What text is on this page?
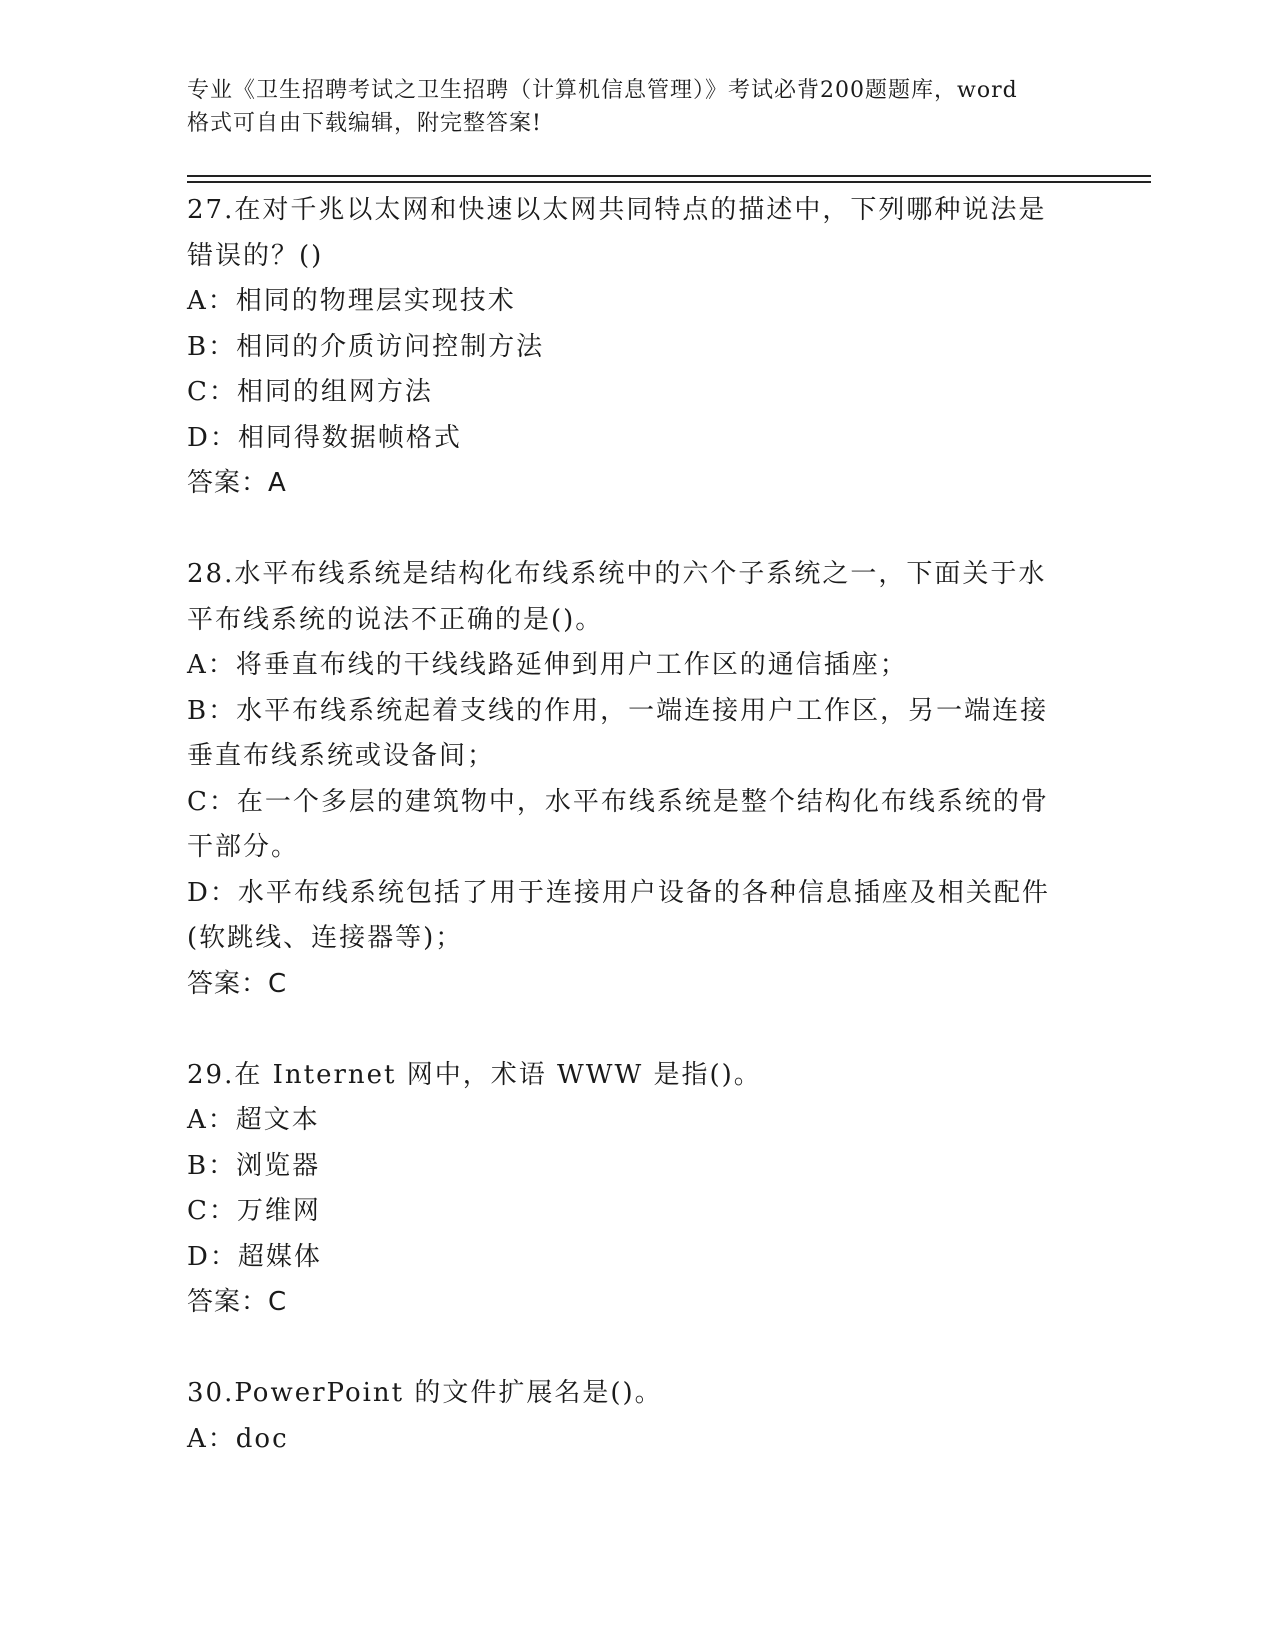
专业《卫生招聘考试之卫生招聘（计算机信息管理）》考试必背200题题库，word
格式可自由下载编辑，附完整答案!
27.在对千兆以太网和快速以太网共同特点的描述中，下列哪种说法是
错误的？()
A：相同的物理层实现技术
B：相同的介质访问控制方法
C：相同的组网方法
D：相同得数据帧格式
答案：A
28.水平布线系统是结构化布线系统中的六个子系统之一，下面关于水
平布线系统的说法不正确的是()。
A：将垂直布线的干线线路延伸到用户工作区的通信插座；
B：水平布线系统起着支线的作用，一端连接用户工作区，另一端连接
垂直布线系统或设备间；
C：在一个多层的建筑物中，水平布线系统是整个结构化布线系统的骨
干部分。
D：水平布线系统包括了用于连接用户设备的各种信息插座及相关配件
(软跳线、连接器等)；
答案：C
29.在 Internet 网中，术语 WWW 是指()。
A：超文本
B：浏览器
C：万维网
D：超媒体
答案：C
30.PowerPoint 的文件扩展名是()。
A：doc
